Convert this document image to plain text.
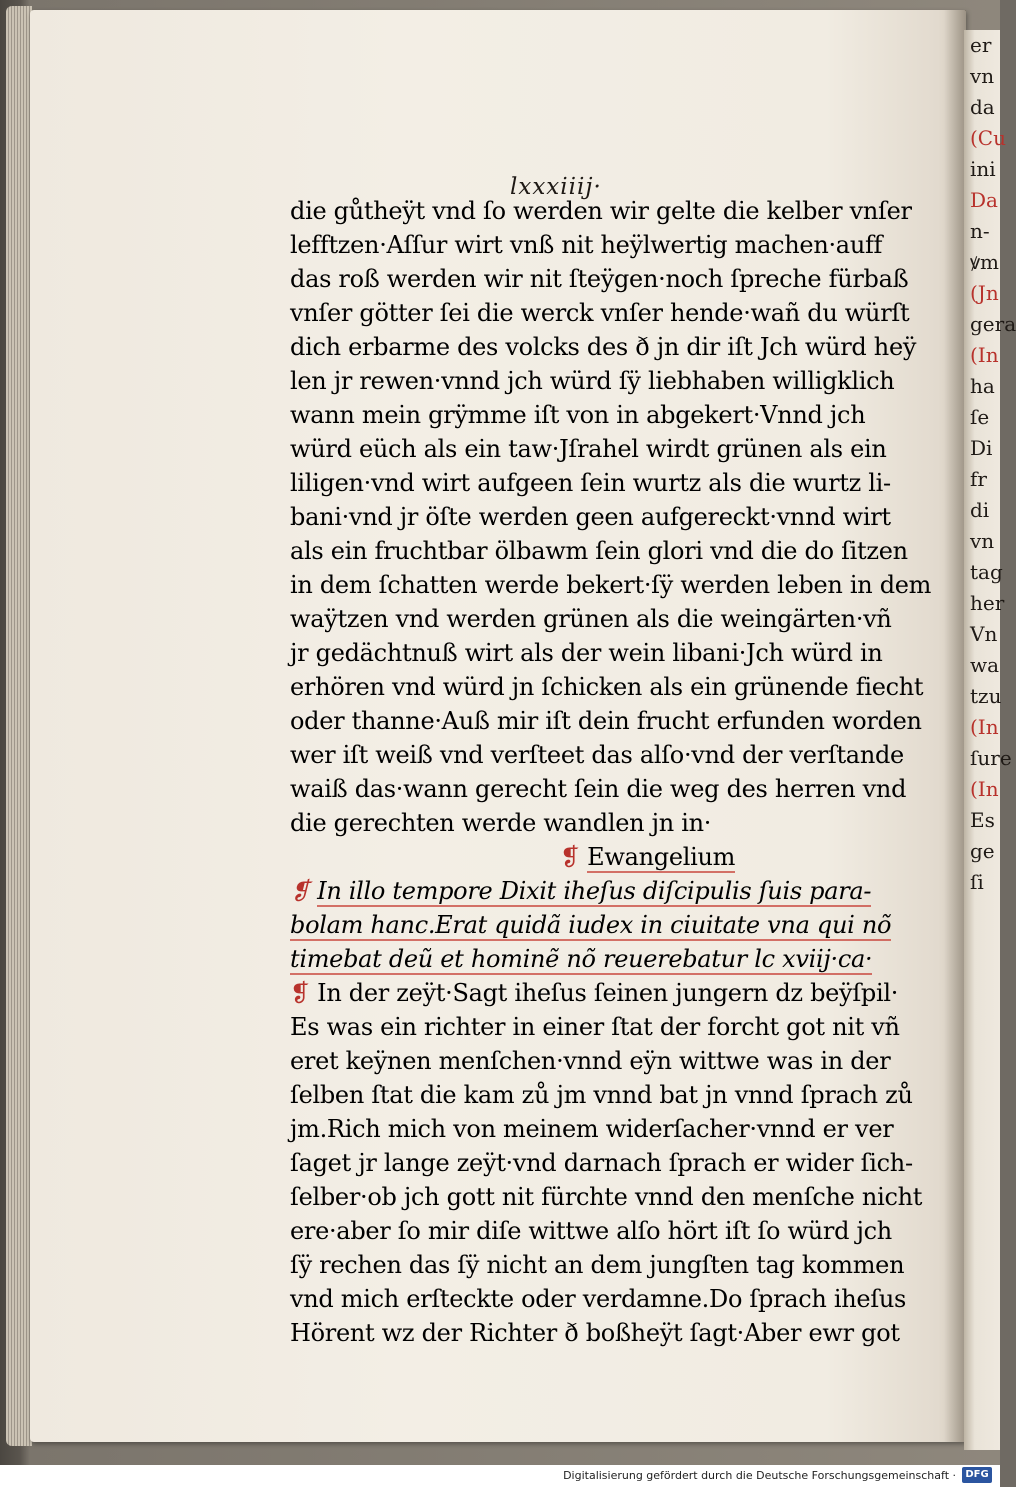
er
vn
da
(Cu
ini
Da
n-
ꝟm
(Jn
gera
(In
ha
ſe
Di
fr
di
vn
tag
her
Vn
wa
tzu
(In
ſure
(In
Es
ge
ſi
lxxxiiij·
die gůtheÿt vnd ſo werden wir gelte die kelber vnſer
lefftzen·Aſſur wirt vnß nit heÿlwertig machen·auff
das roß werden wir nit ſteÿgen·noch ſpreche fürbaß
vnſer götter ſei die werck vnſer hende·wañ du würſt
dich erbarme des volcks des ð jn dir iſt Jch würd heÿ
len jr rewen·vnnd jch würd ſÿ liebhaben willigklich
wann mein grÿmme iſt von in abgekert·Vnnd jch
würd eüch als ein taw·Jſrahel wirdt grünen als ein
liligen·vnd wirt aufgeen ſein wurtz als die wurtz li-
bani·vnd jr öſte werden geen aufgereckt·vnnd wirt
als ein fruchtbar ölbawm ſein glori vnd die do ſitzen
in dem ſchatten werde bekert·ſÿ werden leben in dem
waÿtzen vnd werden grünen als die weingärten·vñ
jr gedächtnuß wirt als der wein libani·Jch würd in
erhören vnd würd jn ſchicken als ein grünende fiecht
oder thanne·Auß mir iſt dein frucht erfunden worden
wer iſt weiß vnd verſteet das alſo·vnd der verſtande
waiß das·wann gerecht ſein die weg des herren vnd
die gerechten werde wandlen jn in·
❡ Ewangelium
❡ In illo tempore Dixit iheſus diſcipulis ſuis para-
bolam hanc.Erat quidã iudex in ciuitate vna qui nõ
timebat deũ et hominẽ nõ reuerebatur lc xviij·ca·
❡ In der zeÿt·Sagt iheſus ſeinen jungern dz beÿſpil·
Es was ein richter in einer ſtat der forcht got nit vñ
eret keÿnen menſchen·vnnd eÿn wittwe was in der
ſelben ſtat die kam zů jm vnnd bat jn vnnd ſprach zů
jm.Rich mich von meinem widerſacher·vnnd er ver
ſaget jr lange zeÿt·vnd darnach ſprach er wider ſich-
ſelber·ob jch gott nit fürchte vnnd den menſche nicht
ere·aber ſo mir diſe wittwe alſo hört iſt ſo würd jch
ſÿ rechen das ſÿ nicht an dem jungſten tag kommen
vnd mich erſteckte oder verdamne.Do ſprach iheſus
Hörent wz der Richter ð boßheÿt ſagt·Aber ewr got
Digitalisierung gefördert durch die Deutsche Forschungsgemeinschaft · DFG
